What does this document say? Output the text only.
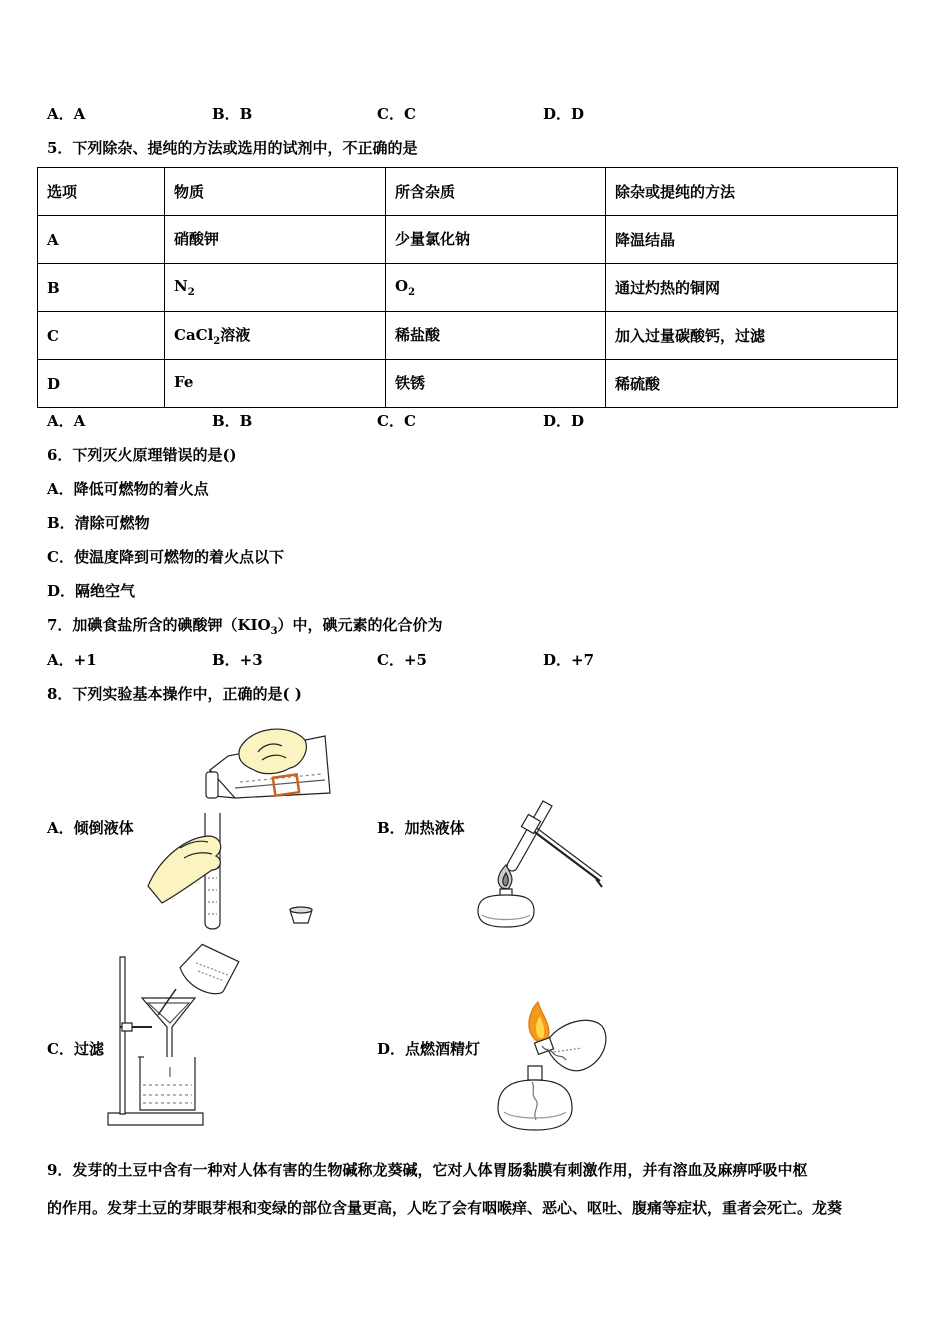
A．A	B．B	C．C	D．D
5．下列除杂、提纯的方法或选用的试剂中，不正确的是
选项	物质	所含杂质	除杂或提纯的方法
A	硝酸钾	少量氯化钠	降温结晶
B	$N_2$	$O_2$	通过灼热的铜网
C	CaCl$_2$溶液	稀盐酸	加入过量碳酸钙，过滤
D	Fe	铁锈	稀硫酸
A．A	B．B	C．C	D．D
6．下列灭火原理错误的是()
A．降低可燃物的着火点
B．清除可燃物
C．使温度降到可燃物的着火点以下
D．隔绝空气
7．加碘食盐所含的碘酸钾$(KIO_3)$中，碘元素的化合价为
A．+1	B．+3	C．+5	D．+7
8．下列实验基本操作中，正确的是( )
A．倾倒液体	B．加热液体
C．过滤	D．点燃酒精灯
9．发芽的土豆中含有一种对人体有害的生物碱称龙葵碱，它对人体胃肠黏膜有刺激作用，并有溶血及麻痹呼吸中枢
的作用。发芽土豆的芽眼芽根和变绿的部位含量更高，人吃了会有咽喉痒、恶心、呕吐、腹痛等症状，重者会死亡。龙葵
